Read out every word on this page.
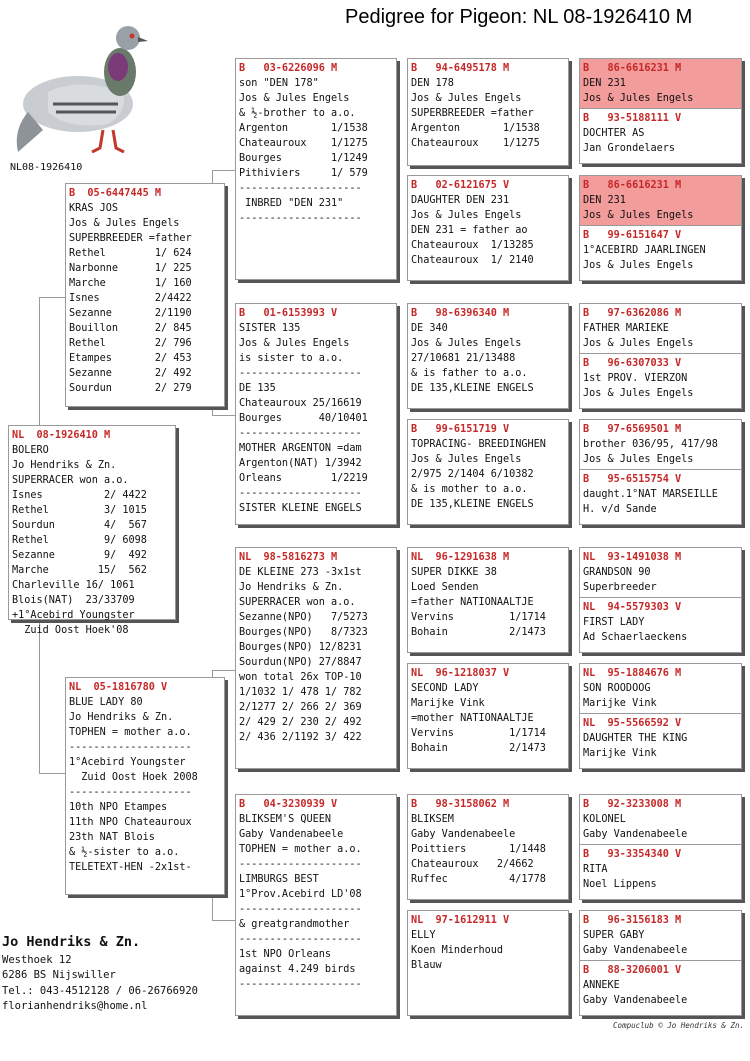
Pedigree for Pigeon: NL 08-1926410 M
NL08-1926410
NL  08-1926410 M
BOLERO
Jo Hendriks & Zn.
SUPERRACER won a.o.
Isnes          2/ 4422
Rethel         3/ 1015
Sourdun        4/  567
Rethel         9/ 6098
Sezanne        9/  492
Marche        15/  562
Charleville 16/ 1061
Blois(NAT)  23/33709
+1°Acebird Youngster
Zuid Oost Hoek'08
B  05-6447445 M
KRAS JOS
Jos & Jules Engels
SUPERBREEDER =father
Rethel        1/ 624
Narbonne      1/ 225
Marche        1/ 160
Isnes         2/4422
Sezanne       2/1190
Bouillon      2/ 845
Rethel        2/ 796
Etampes       2/ 453
Sezanne       2/ 492
Sourdun       2/ 279
NL  05-1816780 V
BLUE LADY 80
Jo Hendriks & Zn.
TOPHEN = mother a.o.
--------------------
1°Acebird Youngster
Zuid Oost Hoek 2008
--------------------
10th NPO Etampes
11th NPO Chateauroux
23th NAT Blois
& ½-sister to a.o.
TELETEXT-HEN -2x1st-
B   03-6226096 M
son "DEN 178"
Jos & Jules Engels
& ½-brother to a.o.
Argenton       1/1538
Chateauroux    1/1275
Bourges        1/1249
Pithiviers     1/ 579
--------------------
INBRED "DEN 231"
--------------------
B   01-6153993 V
SISTER 135
Jos & Jules Engels
is sister to a.o.
--------------------
DE 135
Chateauroux 25/16619
Bourges      40/10401
--------------------
MOTHER ARGENTON =dam
Argenton(NAT) 1/3942
Orleans        1/2219
--------------------
SISTER KLEINE ENGELS
NL  98-5816273 M
DE KLEINE 273 -3x1st
Jo Hendriks & Zn.
SUPERRACER won a.o.
Sezanne(NPO)   7/5273
Bourges(NPO)   8/7323
Bourges(NPO) 12/8231
Sourdun(NPO) 27/8847
won total 26x TOP-10
1/1032 1/ 478 1/ 782
2/1277 2/ 266 2/ 369
2/ 429 2/ 230 2/ 492
2/ 436 2/1192 3/ 422
B   04-3230939 V
BLIKSEM'S QUEEN
Gaby Vandenabeele
TOPHEN = mother a.o.
--------------------
LIMBURGS BEST
1°Prov.Acebird LD'08
--------------------
& greatgrandmother
--------------------
1st NPO Orleans
against 4.249 birds
--------------------
B   94-6495178 M
DEN 178
Jos & Jules Engels
SUPERBREEDER =father
Argenton       1/1538
Chateauroux    1/1275
B   02-6121675 V
DAUGHTER DEN 231
Jos & Jules Engels
DEN 231 = father ao
Chateauroux  1/13285
Chateauroux  1/ 2140
B   98-6396340 M
DE 340
Jos & Jules Engels
27/10681 21/13488
& is father to a.o.
DE 135,KLEINE ENGELS
B   99-6151719 V
TOPRACING- BREEDINGHEN
Jos & Jules Engels
2/975 2/1404 6/10382
& is mother to a.o.
DE 135,KLEINE ENGELS
NL  96-1291638 M
SUPER DIKKE 38
Loed Senden
=father NATIONAALTJE
Vervins         1/1714
Bohain          2/1473
NL  96-1218037 V
SECOND LADY
Marijke Vink
=mother NATIONAALTJE
Vervins         1/1714
Bohain          2/1473
B   98-3158062 M
BLIKSEM
Gaby Vandenabeele
Poittiers       1/1448
Chateauroux   2/4662
Ruffec          4/1778
NL  97-1612911 V
ELLY
Koen Minderhoud
Blauw
B   86-6616231 M
DEN 231
Jos & Jules Engels
B   93-5188111 V
DOCHTER AS
Jan Grondelaers
B   86-6616231 M
DEN 231
Jos & Jules Engels
B   99-6151647 V
1°ACEBIRD JAARLINGEN
Jos & Jules Engels
B   97-6362086 M
FATHER MARIEKE
Jos & Jules Engels
B   96-6307033 V
1st PROV. VIERZON
Jos & Jules Engels
B   97-6569501 M
brother 036/95, 417/98
Jos & Jules Engels
B   95-6515754 V
daught.1°NAT MARSEILLE
H. v/d Sande
NL  93-1491038 M
GRANDSON 90
Superbreeder
NL  94-5579303 V
FIRST LADY
Ad Schaerlaeckens
NL  95-1884676 M
SON ROODOOG
Marijke Vink
NL  95-5566592 V
DAUGHTER THE KING
Marijke Vink
B   92-3233008 M
KOLONEL
Gaby Vandenabeele
B   93-3354340 V
RITA
Noel Lippens
B   96-3156183 M
SUPER GABY
Gaby Vandenabeele
B   88-3206001 V
ANNEKE
Gaby Vandenabeele
Jo Hendriks & Zn.
Westhoek 12
6286 BS Nijswiller
Tel.: 043-4512128 / 06-26766920
florianhendriks@home.nl
Compuclub © Jo Hendriks & Zn.
